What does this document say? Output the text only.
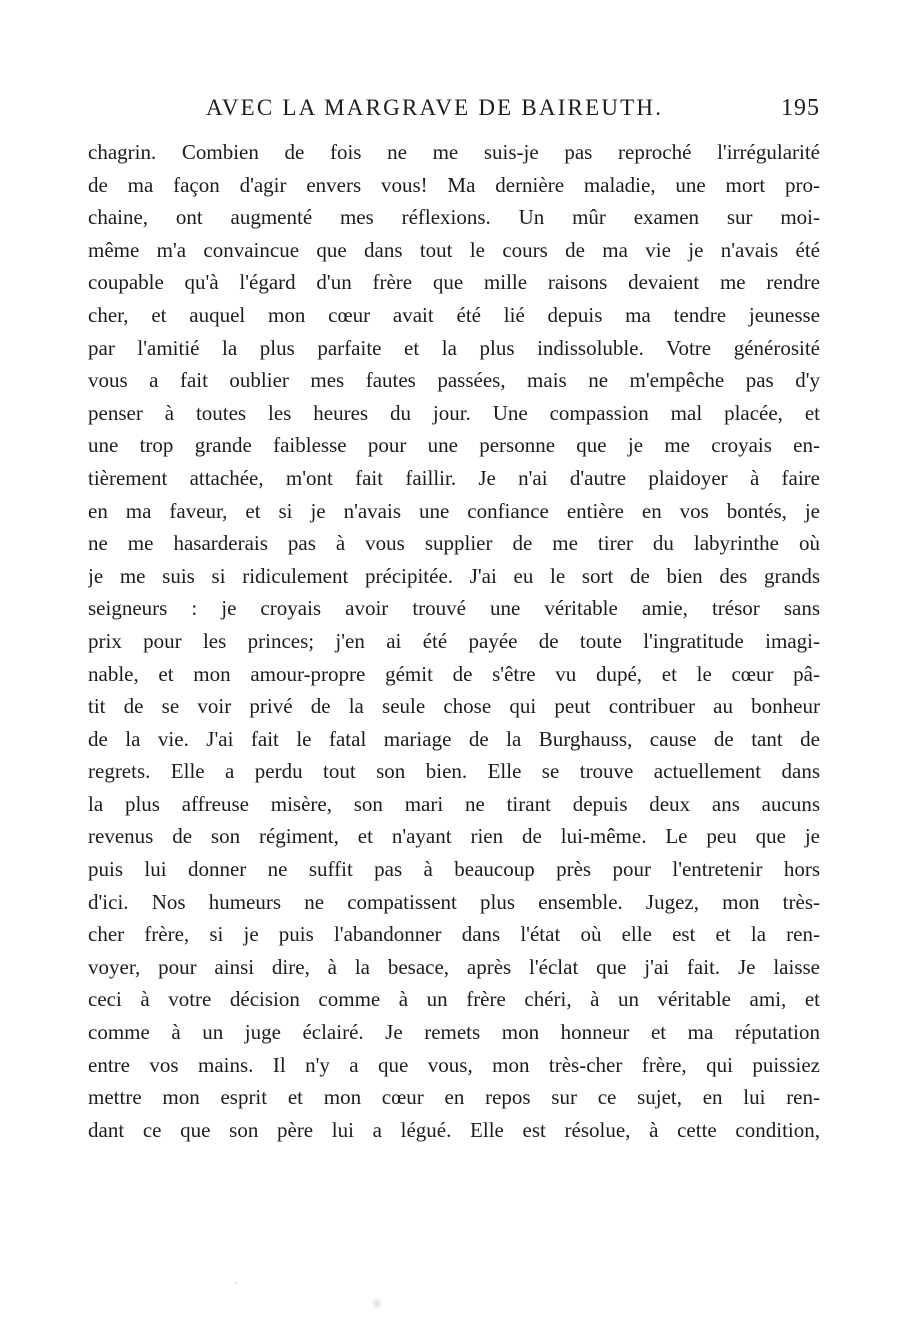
AVEC LA MARGRAVE DE BAIREUTH.	195
chagrin. Combien de fois ne me suis-je pas reproché l'irrégularité
de ma façon d'agir envers vous! Ma dernière maladie, une mort pro-
chaine, ont augmenté mes réflexions. Un mûr examen sur moi-
même m'a convaincue que dans tout le cours de ma vie je n'avais été
coupable qu'à l'égard d'un frère que mille raisons devaient me rendre
cher, et auquel mon cœur avait été lié depuis ma tendre jeunesse
par l'amitié la plus parfaite et la plus indissoluble. Votre générosité
vous a fait oublier mes fautes passées, mais ne m'empêche pas d'y
penser à toutes les heures du jour. Une compassion mal placée, et
une trop grande faiblesse pour une personne que je me croyais en-
tièrement attachée, m'ont fait faillir. Je n'ai d'autre plaidoyer à faire
en ma faveur, et si je n'avais une confiance entière en vos bontés, je
ne me hasarderais pas à vous supplier de me tirer du labyrinthe où
je me suis si ridiculement précipitée. J'ai eu le sort de bien des grands
seigneurs : je croyais avoir trouvé une véritable amie, trésor sans
prix pour les princes; j'en ai été payée de toute l'ingratitude imagi-
nable, et mon amour-propre gémit de s'être vu dupé, et le cœur pâ-
tit de se voir privé de la seule chose qui peut contribuer au bonheur
de la vie. J'ai fait le fatal mariage de la Burghauss, cause de tant de
regrets. Elle a perdu tout son bien. Elle se trouve actuellement dans
la plus affreuse misère, son mari ne tirant depuis deux ans aucuns
revenus de son régiment, et n'ayant rien de lui-même. Le peu que je
puis lui donner ne suffit pas à beaucoup près pour l'entretenir hors
d'ici. Nos humeurs ne compatissent plus ensemble. Jugez, mon très-
cher frère, si je puis l'abandonner dans l'état où elle est et la ren-
voyer, pour ainsi dire, à la besace, après l'éclat que j'ai fait. Je laisse
ceci à votre décision comme à un frère chéri, à un véritable ami, et
comme à un juge éclairé. Je remets mon honneur et ma réputation
entre vos mains. Il n'y a que vous, mon très-cher frère, qui puissiez
mettre mon esprit et mon cœur en repos sur ce sujet, en lui ren-
dant ce que son père lui a légué. Elle est résolue, à cette condition,
